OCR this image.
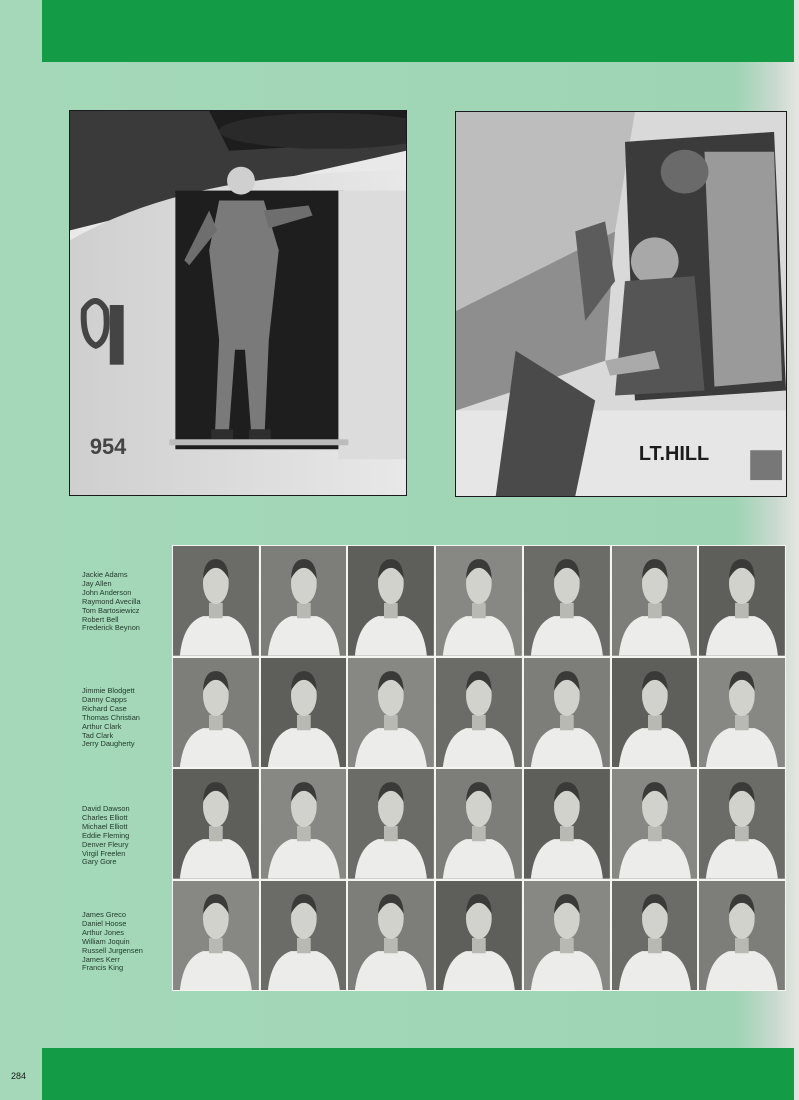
954	LT.HILL
Jackie Adams
Jay Allen
John Anderson
Raymond Avecilla
Tom Bartosiewicz
Robert Bell
Frederick Beynon
Jimmie Blodgett
Danny Capps
Richard Case
Thomas Christian
Arthur Clark
Tad Clark
Jerry Daugherty
David Dawson
Charles Elliott
Michael Elliott
Eddie Fleming
Denver Fleury
Virgil Freelen
Gary Gore
James Greco
Daniel Hoose
Arthur Jones
William Joquin
Russell Jurgensen
James Kerr
Francis King
284
